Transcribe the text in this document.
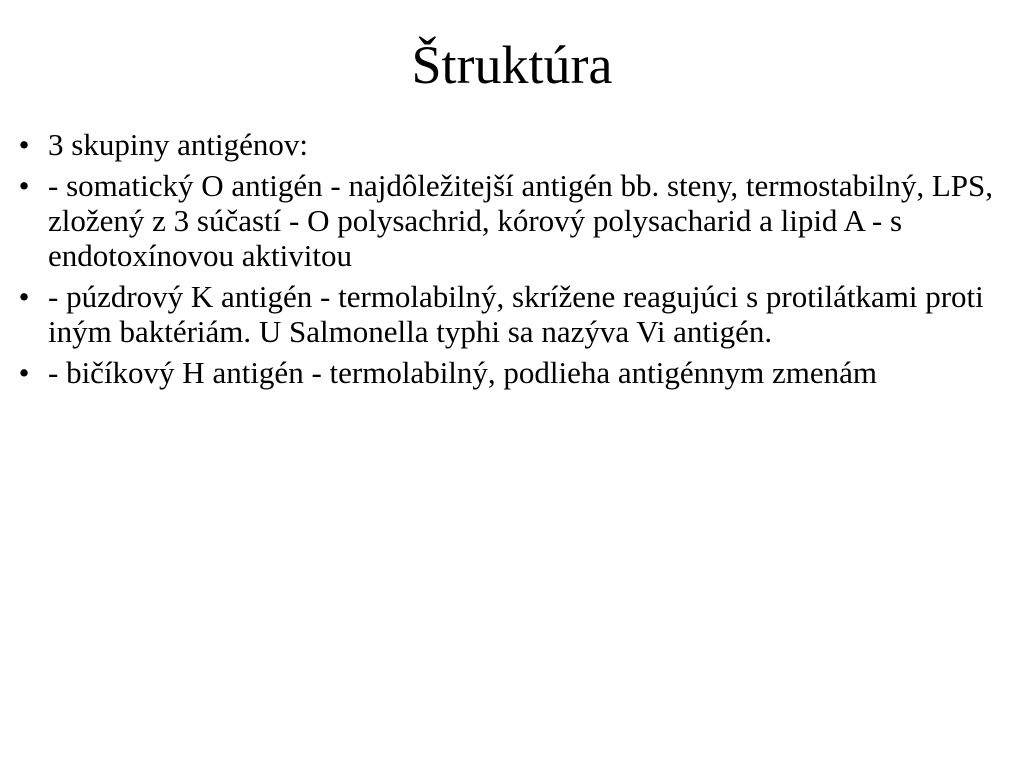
Štruktúra
• 3 skupiny antigénov:
• - somatický O antigén - najdôležitejší antigén bb. steny, termostabilný, LPS, zložený z 3 súčastí - O polysachrid, kórový polysacharid a lipid A - s endotoxínovou aktivitou
• - púzdrový K antigén - termolabilný, skrížene reagujúci s protilátkami proti iným baktériám. U Salmonella typhi sa nazýva Vi antigén.
• - bičíkový H antigén - termolabilný, podlieha antigénnym zmenám
